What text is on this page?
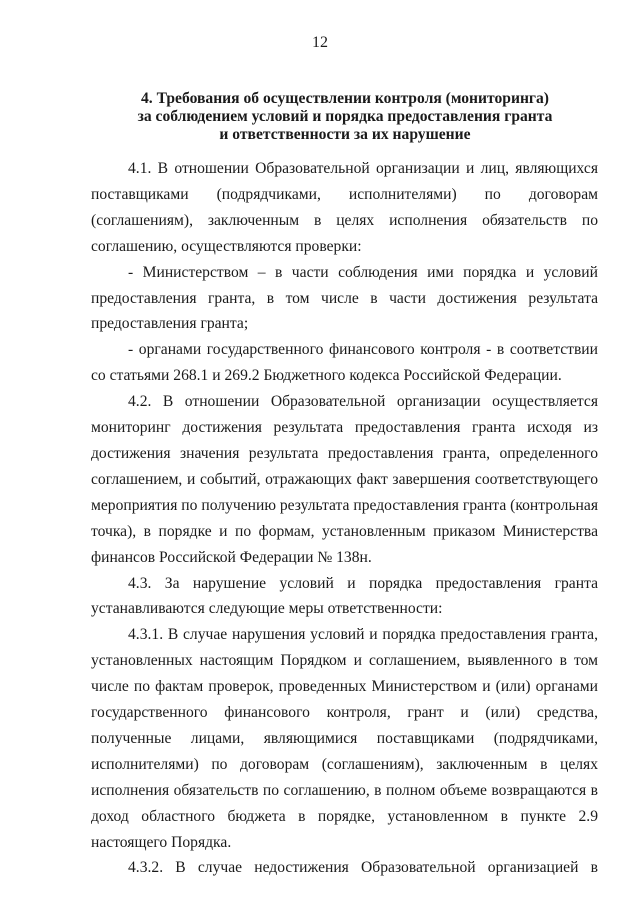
12
4. Требования об осуществлении контроля (мониторинга)
за соблюдением условий и порядка предоставления гранта
и ответственности за их нарушение

4.1. В отношении Образовательной организации и лиц, являющихся поставщиками (подрядчиками, исполнителями) по договорам (соглашениям), заключенным в целях исполнения обязательств по соглашению, осуществляются проверки:

- Министерством – в части соблюдения ими порядка и условий предоставления гранта, в том числе в части достижения результата предоставления гранта;

- органами государственного финансового контроля - в соответствии со статьями 268.1 и 269.2 Бюджетного кодекса Российской Федерации.

4.2. В отношении Образовательной организации осуществляется мониторинг достижения результата предоставления гранта исходя из достижения значения результата предоставления гранта, определенного соглашением, и событий, отражающих факт завершения соответствующего мероприятия по получению результата предоставления гранта (контрольная точка), в порядке и по формам, установленным приказом Министерства финансов Российской Федерации № 138н.

4.3. За нарушение условий и порядка предоставления гранта устанавливаются следующие меры ответственности:

4.3.1. В случае нарушения условий и порядка предоставления гранта, установленных настоящим Порядком и соглашением, выявленного в том числе по фактам проверок, проведенных Министерством и (или) органами государственного финансового контроля, грант и (или) средства, полученные лицами, являющимися поставщиками (подрядчиками, исполнителями) по договорам (соглашениям), заключенным в целях исполнения обязательств по соглашению, в полном объеме возвращаются в доход областного бюджета в порядке, установленном в пункте 2.9 настоящего Порядка.

4.3.2. В случае недостижения Образовательной организацией в
